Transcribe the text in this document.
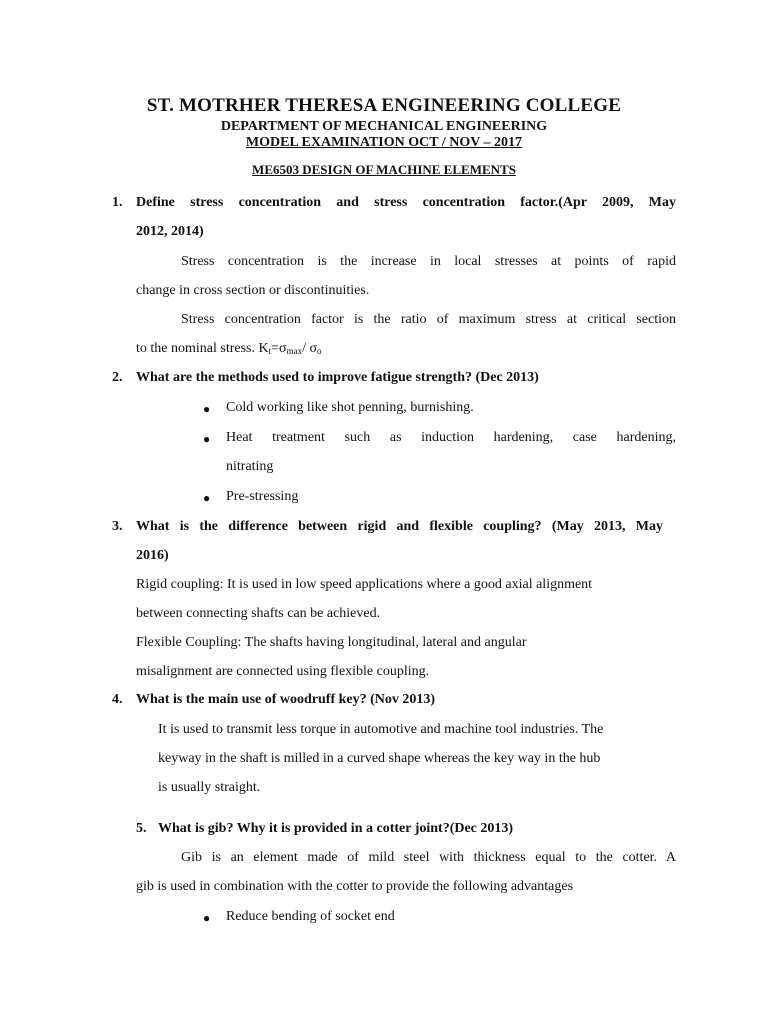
ST. MOTRHER THERESA ENGINEERING COLLEGE
DEPARTMENT OF MECHANICAL ENGINEERING
MODEL EXAMINATION OCT / NOV – 2017
ME6503 DESIGN OF MACHINE ELEMENTS
1. Define stress concentration and stress concentration factor.(Apr 2009, May
2012, 2014)
Stress concentration is the increase in local stresses at points of rapid
change in cross section or discontinuities.
Stress concentration factor is the ratio of maximum stress at critical section
to the nominal stress. $K_t=\sigma_{max}/$ $\sigma_o$
2. What are the methods used to improve fatigue strength? (Dec 2013)
● Cold working like shot penning, burnishing.
● Heat treatment such as induction hardening, case hardening,
nitrating
● Pre-stressing
3. What is the difference between rigid and flexible coupling? (May 2013, May
2016)
Rigid coupling: It is used in low speed applications where a good axial alignment
between connecting shafts can be achieved.
Flexible Coupling: The shafts having longitudinal, lateral and angular
misalignment are connected using flexible coupling.
4. What is the main use of woodruff key? (Nov 2013)
It is used to transmit less torque in automotive and machine tool industries. The
keyway in the shaft is milled in a curved shape whereas the key way in the hub
is usually straight.
5. What is gib? Why it is provided in a cotter joint?(Dec 2013)
Gib is an element made of mild steel with thickness equal to the cotter. A
gib is used in combination with the cotter to provide the following advantages
● Reduce bending of socket end
